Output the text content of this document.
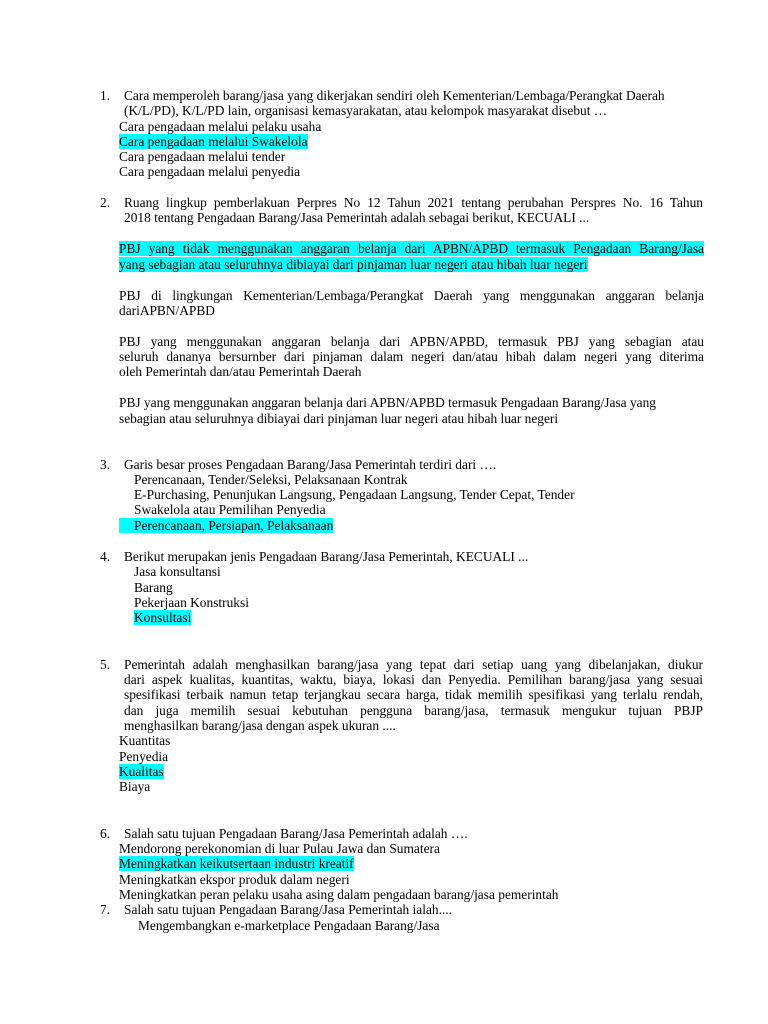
1. Cara memperoleh barang/jasa yang dikerjakan sendiri oleh Kementerian/Lembaga/Perangkat Daerah
(K/L/PD), K/L/PD lain, organisasi kemasyarakatan, atau kelompok masyarakat disebut …
Cara pengadaan melalui pelaku usaha
Cara pengadaan melalui Swakelola
Cara pengadaan melalui tender
Cara pengadaan melalui penyedia
2. Ruang lingkup pemberlakuan Perpres No 12 Tahun 2021 tentang perubahan Perspres No. 16 Tahun
2018 tentang Pengadaan Barang/Jasa Pemerintah adalah sebagai berikut, KECUALI ...
PBJ yang tidak menggunakan anggaran belanja dari APBN/APBD termasuk Pengadaan Barang/Jasa
yang sebagian atau seluruhnya dibiayai dari pinjaman luar negeri atau hibah luar negeri
PBJ di lingkungan Kementerian/Lembaga/Perangkat Daerah yang menggunakan anggaran belanja
dariAPBN/APBD
PBJ yang menggunakan anggaran belanja dari APBN/APBD, termasuk PBJ yang sebagian atau
seluruh dananya bersurnber dari pinjaman dalam negeri dan/atau hibah dalam negeri yang diterima
oleh Pemerintah dan/atau Pemerintah Daerah
PBJ yang menggunakan anggaran belanja dari APBN/APBD termasuk Pengadaan Barang/Jasa yang
sebagian atau seluruhnya dibiayai dari pinjaman luar negeri atau hibah luar negeri
3. Garis besar proses Pengadaan Barang/Jasa Pemerintah terdiri dari ….
Perencanaan, Tender/Seleksi, Pelaksanaan Kontrak
E-Purchasing, Penunjukan Langsung, Pengadaan Langsung, Tender Cepat, Tender
Swakelola atau Pemilihan Penyedia
Perencanaan, Persiapan, Pelaksanaan
4. Berikut merupakan jenis Pengadaan Barang/Jasa Pemerintah, KECUALI ...
Jasa konsultansi
Barang
Pekerjaan Konstruksi
Konsultasi
5. Pemerintah adalah menghasilkan barang/jasa yang tepat dari setiap uang yang dibelanjakan, diukur
dari aspek kualitas, kuantitas, waktu, biaya, lokasi dan Penyedia. Pemilihan barang/jasa yang sesuai
spesifikasi terbaik namun tetap terjangkau secara harga, tidak memilih spesifikasi yang terlalu rendah,
dan juga memilih sesuai kebutuhan pengguna barang/jasa, termasuk mengukur tujuan PBJP
menghasilkan barang/jasa dengan aspek ukuran ....
Kuantitas
Penyedia
Kualitas
Biaya
6. Salah satu tujuan Pengadaan Barang/Jasa Pemerintah adalah ….
Mendorong perekonomian di luar Pulau Jawa dan Sumatera
Meningkatkan keikutsertaan industri kreatif
Meningkatkan ekspor produk dalam negeri
Meningkatkan peran pelaku usaha asing dalam pengadaan barang/jasa pemerintah
7. Salah satu tujuan Pengadaan Barang/Jasa Pemerintah ialah....
Mengembangkan e-marketplace Pengadaan Barang/Jasa
